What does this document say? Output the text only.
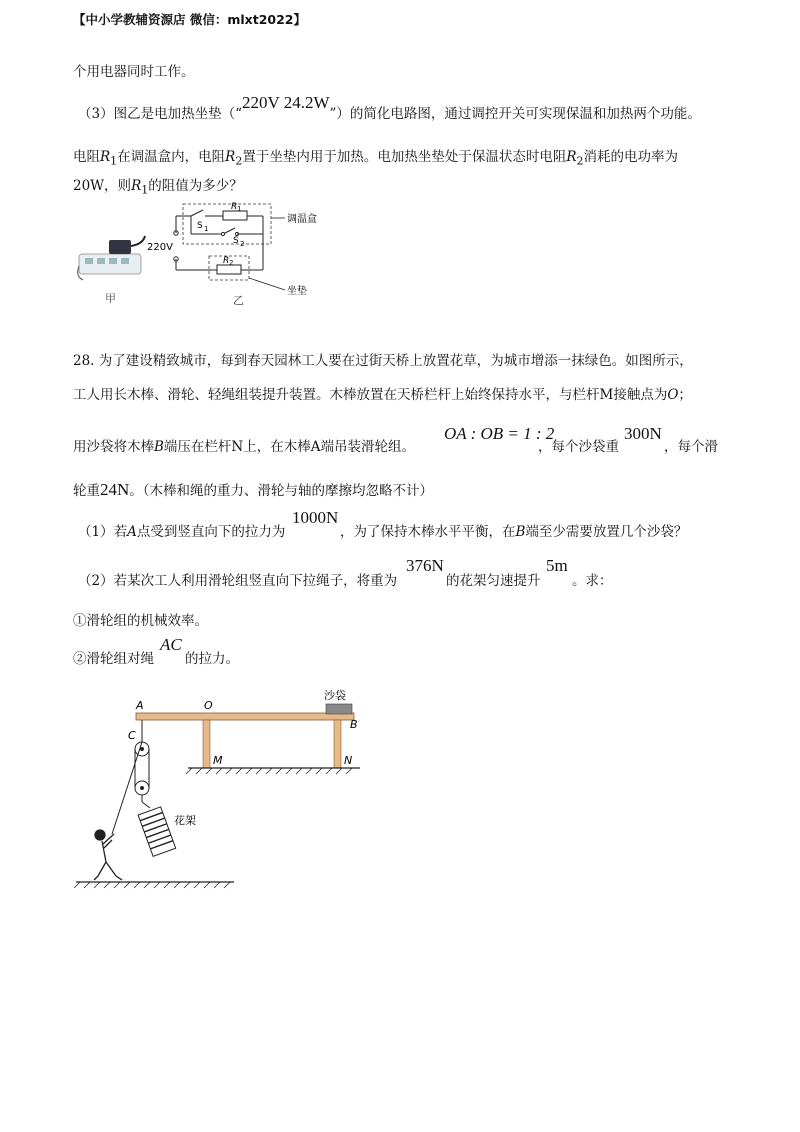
【中小学教辅资源店 微信：mlxt2022】
个用电器同时工作。
（3）图乙是电加热坐垫（“220V 24.2W”）的简化电路图，通过调控开关可实现保温和加热两个功能。
电阻$R_1$在调温盒内，电阻$R_2$置于坐垫内用于加热。电加热坐垫处于保温状态时电阻$R_2$消耗的电功率为
20W，则$R_1$的阻值为多少？
甲
220V
R 1
S 1
S 2
R 2
调温盒
坐垫
乙
28. 为了建设精致城市，每到春天园林工人要在过街天桥上放置花草，为城市增添一抹绿色。如图所示，
工人用长木棒、滑轮、轻绳组装提升装置。木棒放置在天桥栏杆上始终保持水平，与栏杆M接触点为O；
用沙袋将木棒B端压在栏杆N上，在木棒A端吊装滑轮组。
OA : OB = 1 : 2
，每个沙袋重
300N
，每个滑
轮重24N。（木棒和绳的重力、滑轮与轴的摩擦均忽略不计）
（1）若A点受到竖直向下的拉力为
1000N
，为了保持木棒水平平衡，在B端至少需要放置几个沙袋？
（2）若某次工人利用滑轮组竖直向下拉绳子，将重为
376N
的花架匀速提升
5m
。求：
①滑轮组的机械效率。
②滑轮组对绳
AC
的拉力。
A	O
B
C
M	N
沙袋
花架
